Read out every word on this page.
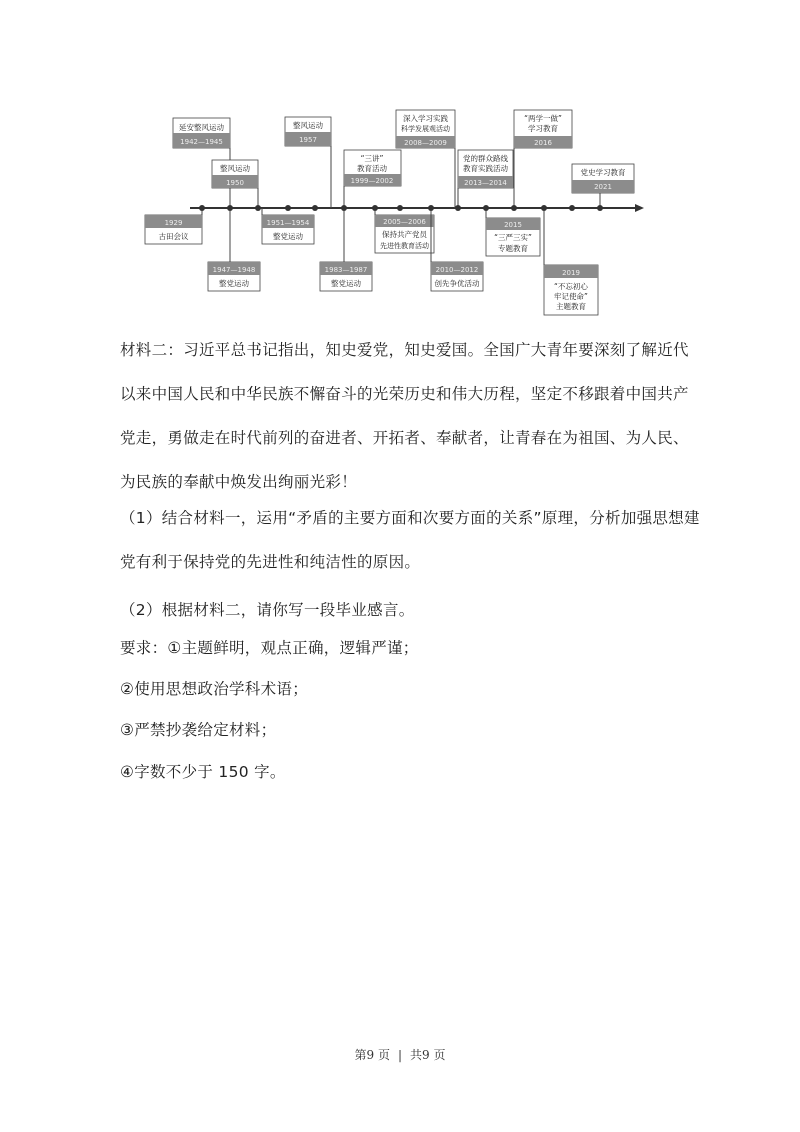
延安整风运动
1942—1945
整风运动
1950
整风运动
1957
“三讲”
教育活动
1999—2002
深入学习实践
科学发展观活动
2008—2009
党的群众路线
教育实践活动
2013—2014
“两学一做”
学习教育
2016
党史学习教育
2021
1929
古田会议
1947—1948
整党运动
1951—1954
整党运动
1983—1987
整党运动
2005—2006
保持共产党员
先进性教育活动
2010—2012
创先争优活动
2015
“三严三实”
专题教育
2019
“不忘初心
牢记使命”
主题教育
材料二：习近平总书记指出，知史爱党，知史爱国。全国广大青年要深刻了解近代以来中国人民和中华民族不懈奋斗的光荣历史和伟大历程，坚定不移跟着中国共产党走，勇做走在时代前列的奋进者、开拓者、奉献者，让青春在为祖国、为人民、为民族的奉献中焕发出绚丽光彩！
（1）结合材料一，运用“矛盾的主要方面和次要方面的关系”原理，分析加强思想建党有利于保持党的先进性和纯洁性的原因。
（2）根据材料二，请你写一段毕业感言。
要求：①主题鲜明，观点正确，逻辑严谨；
②使用思想政治学科术语；
③严禁抄袭给定材料；
④字数不少于 150 字。
第9 页 | 共9 页
